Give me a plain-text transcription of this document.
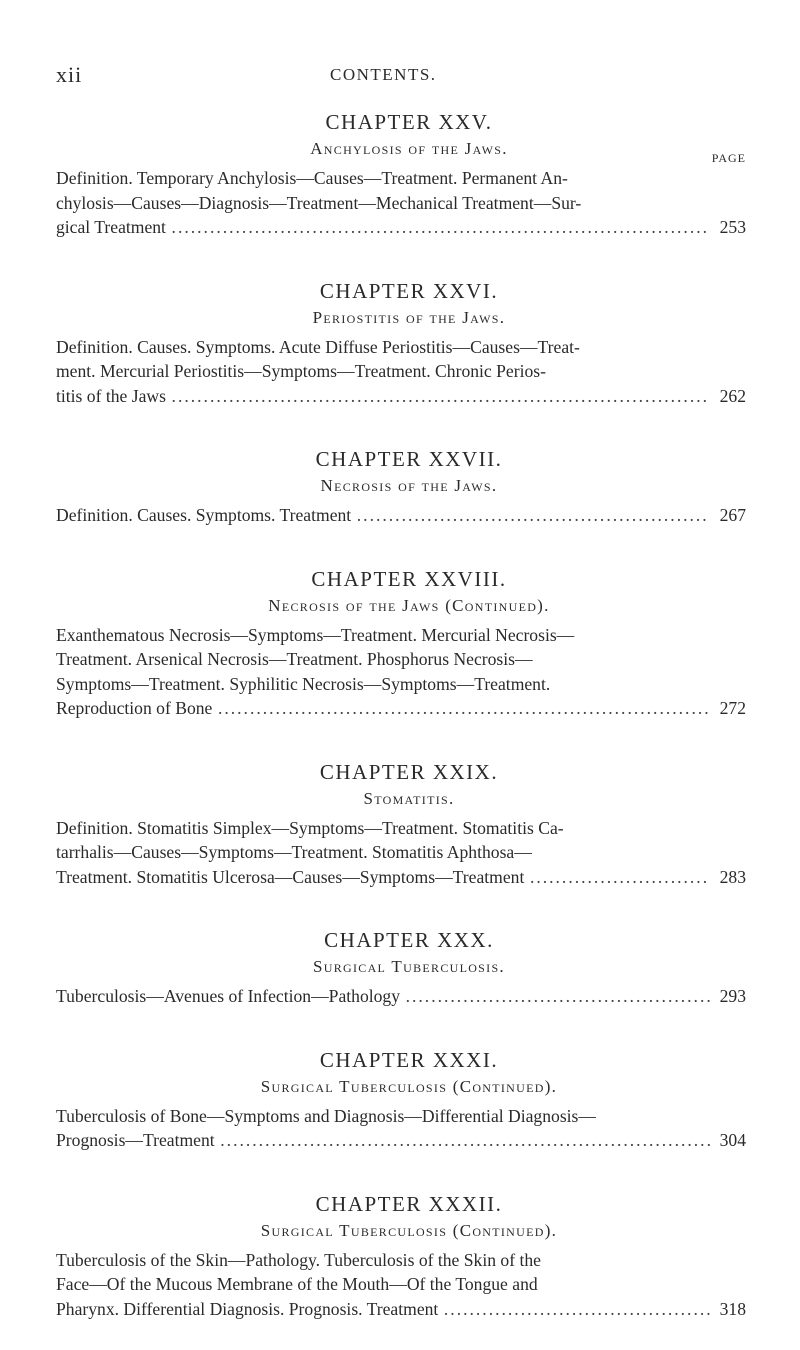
xii	CONTENTS.
CHAPTER XXV.
Anchylosis of the Jaws.	PAGE
Definition. Temporary Anchylosis—Causes—Treatment. Permanent An-
chylosis—Causes—Diagnosis—Treatment—Mechanical Treatment—Sur-
gical Treatment .....	253
CHAPTER XXVI.
Periostitis of the Jaws.
Definition. Causes. Symptoms. Acute Diffuse Periostitis—Causes—Treat-
ment. Mercurial Periostitis—Symptoms—Treatment. Chronic Perios-
titis of the Jaws .....	262
CHAPTER XXVII.
Necrosis of the Jaws.
Definition. Causes. Symptoms. Treatment .....	267
CHAPTER XXVIII.
Necrosis of the Jaws (Continued).
Exanthematous Necrosis—Symptoms—Treatment. Mercurial Necrosis—
Treatment. Arsenical Necrosis—Treatment. Phosphorus Necrosis—
Symptoms—Treatment. Syphilitic Necrosis—Symptoms—Treatment.
Reproduction of Bone .....	272
CHAPTER XXIX.
Stomatitis.
Definition. Stomatitis Simplex—Symptoms—Treatment. Stomatitis Ca-
tarrhalis—Causes—Symptoms—Treatment. Stomatitis Aphthosa—
Treatment. Stomatitis Ulcerosa—Causes—Symptoms—Treatment .....	283
CHAPTER XXX.
Surgical Tuberculosis.
Tuberculosis—Avenues of Infection—Pathology .....	293
CHAPTER XXXI.
Surgical Tuberculosis (Continued).
Tuberculosis of Bone—Symptoms and Diagnosis—Differential Diagnosis—
Prognosis—Treatment .....	304
CHAPTER XXXII.
Surgical Tuberculosis (Continued).
Tuberculosis of the Skin—Pathology. Tuberculosis of the Skin of the
Face—Of the Mucous Membrane of the Mouth—Of the Tongue and
Pharynx. Differential Diagnosis. Prognosis. Treatment .....	318
